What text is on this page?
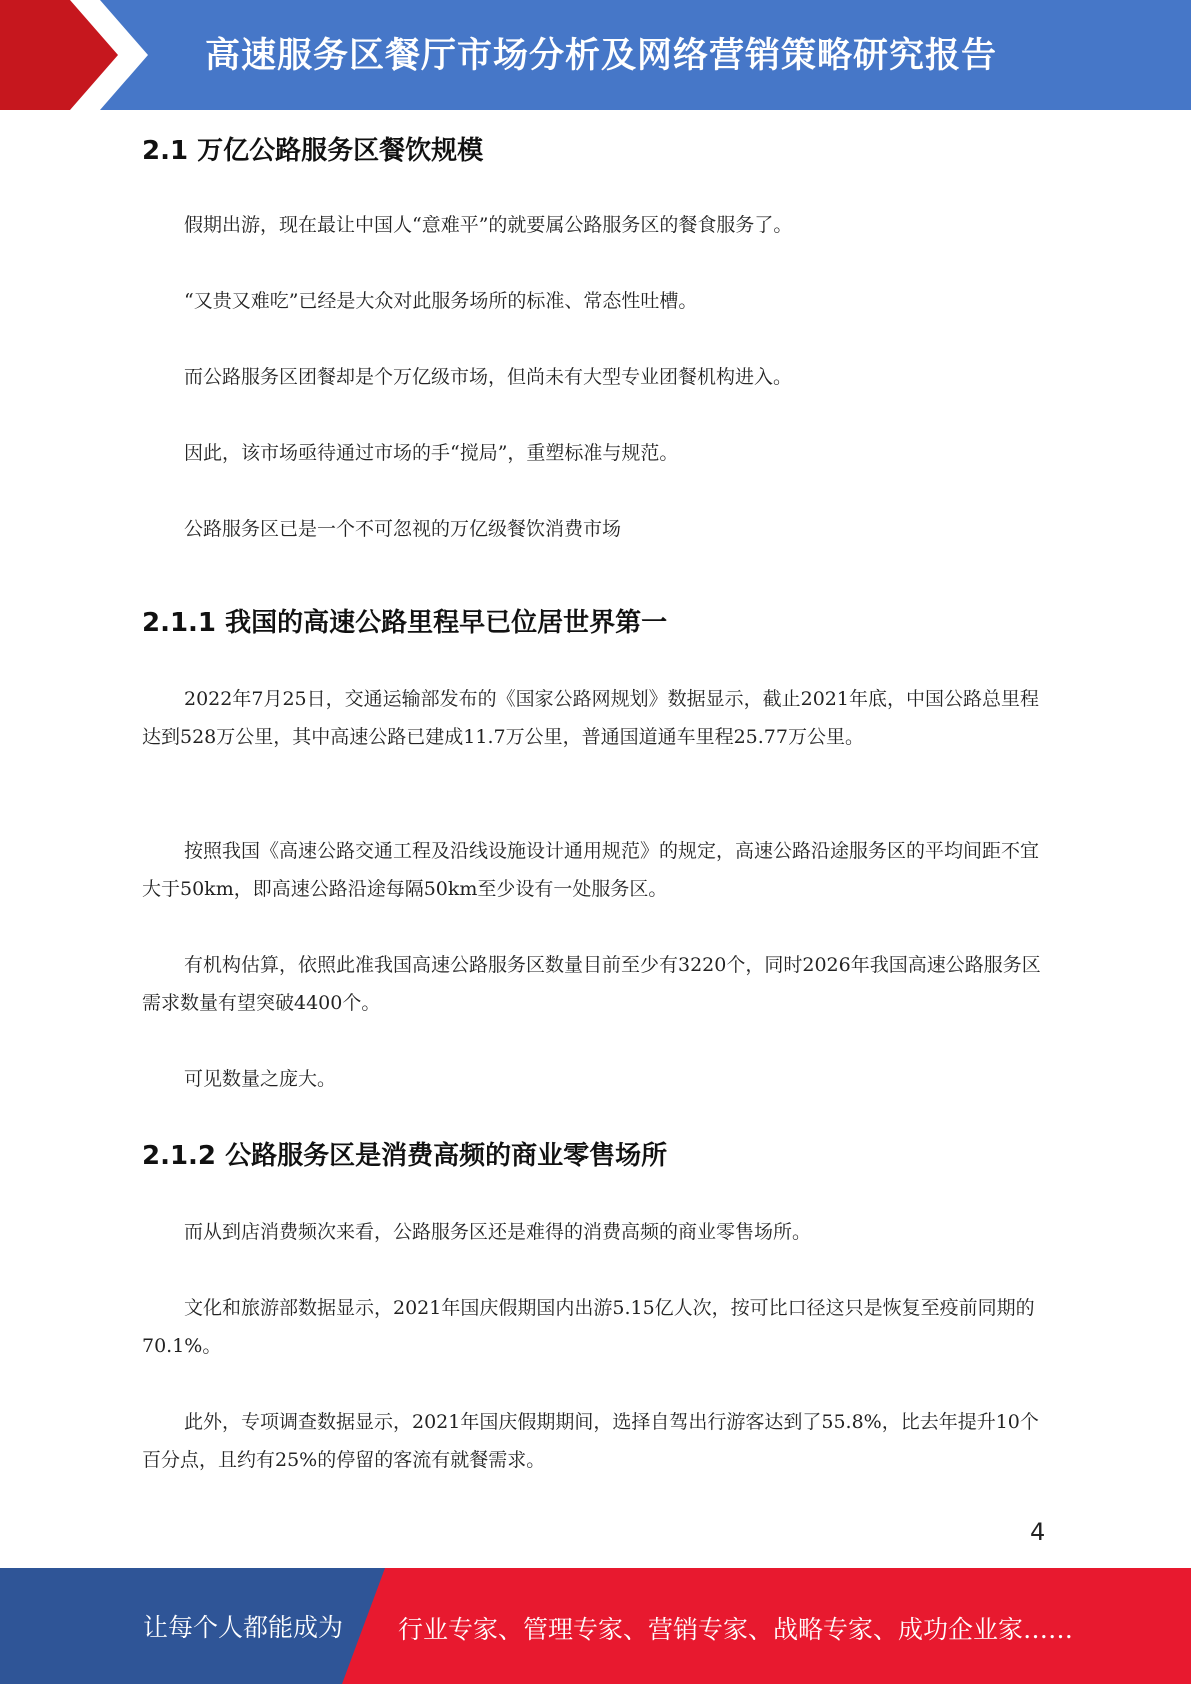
高速服务区餐厅市场分析及网络营销策略研究报告
2.1 万亿公路服务区餐饮规模

假期出游，现在最让中国人“意难平”的就要属公路服务区的餐食服务了。

“又贵又难吃”已经是大众对此服务场所的标准、常态性吐槽。

而公路服务区团餐却是个万亿级市场，但尚未有大型专业团餐机构进入。

因此，该市场亟待通过市场的手“搅局”，重塑标准与规范。

公路服务区已是一个不可忽视的万亿级餐饮消费市场

2.1.1 我国的高速公路里程早已位居世界第一

2022年7月25日，交通运输部发布的《国家公路网规划》数据显示，截止2021年底，中国公路总里程达到528万公里，其中高速公路已建成11.7万公里，普通国道通车里程25.77万公里。

按照我国《高速公路交通工程及沿线设施设计通用规范》的规定，高速公路沿途服务区的平均间距不宜大于50km，即高速公路沿途每隔50km至少设有一处服务区。

有机构估算，依照此准我国高速公路服务区数量目前至少有3220个，同时2026年我国高速公路服务区需求数量有望突破4400个。

可见数量之庞大。

2.1.2 公路服务区是消费高频的商业零售场所

而从到店消费频次来看，公路服务区还是难得的消费高频的商业零售场所。

文化和旅游部数据显示，2021年国庆假期国内出游5.15亿人次，按可比口径这只是恢复至疫前同期的70.1%。

此外，专项调查数据显示，2021年国庆假期期间，选择自驾出行游客达到了55.8%，比去年提升10个百分点，且约有25%的停留的客流有就餐需求。

4
让每个人都能成为 行业专家、管理专家、营销专家、战略专家、成功企业家……
